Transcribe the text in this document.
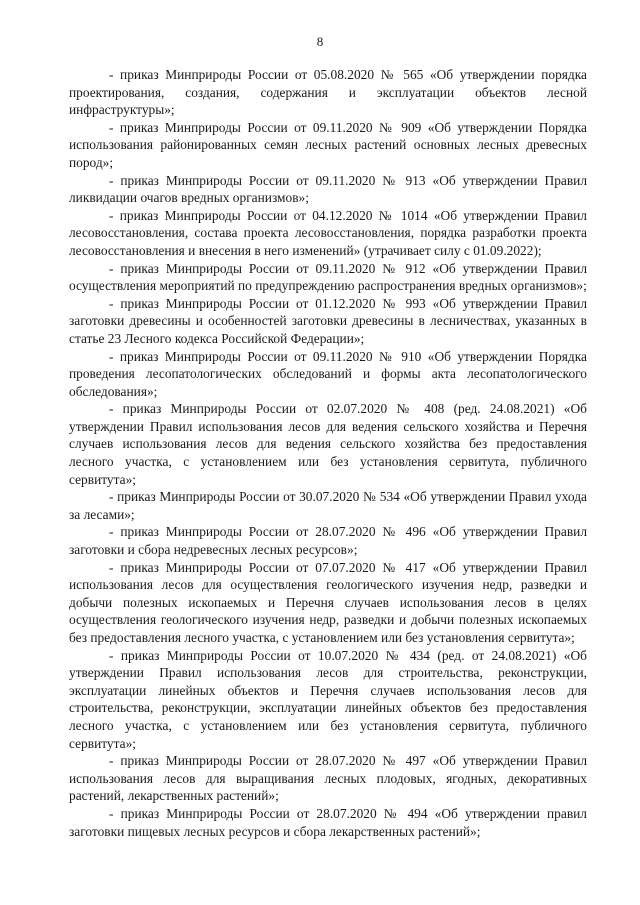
8

- приказ Минприроды России от 05.08.2020 № 565 «Об утверждении порядка проектирования, создания, содержания и эксплуатации объектов лесной инфраструктуры»;

- приказ Минприроды России от 09.11.2020 № 909 «Об утверждении Порядка использования районированных семян лесных растений основных лесных древесных пород»;

- приказ Минприроды России от 09.11.2020 № 913 «Об утверждении Правил ликвидации очагов вредных организмов»;

- приказ Минприроды России от 04.12.2020 № 1014 «Об утверждении Правил лесовосстановления, состава проекта лесовосстановления, порядка разработки проекта лесовосстановления и внесения в него изменений» (утрачивает силу с 01.09.2022);

- приказ Минприроды России от 09.11.2020 № 912 «Об утверждении Правил осуществления мероприятий по предупреждению распространения вредных организмов»;

- приказ Минприроды России от 01.12.2020 № 993 «Об утверждении Правил заготовки древесины и особенностей заготовки древесины в лесничествах, указанных в статье 23 Лесного кодекса Российской Федерации»;

- приказ Минприроды России от 09.11.2020 № 910 «Об утверждении Порядка проведения лесопатологических обследований и формы акта лесопатологического обследования»;

- приказ Минприроды России от 02.07.2020 № 408 (ред. 24.08.2021) «Об утверждении Правил использования лесов для ведения сельского хозяйства и Перечня случаев использования лесов для ведения сельского хозяйства без предоставления лесного участка, с установлением или без установления сервитута, публичного сервитута»;

- приказ Минприроды России от 30.07.2020 № 534 «Об утверждении Правил ухода за лесами»;

- приказ Минприроды России от 28.07.2020 № 496 «Об утверждении Правил заготовки и сбора недревесных лесных ресурсов»;

- приказ Минприроды России от 07.07.2020 № 417 «Об утверждении Правил использования лесов для осуществления геологического изучения недр, разведки и добычи полезных ископаемых и Перечня случаев использования лесов в целях осуществления геологического изучения недр, разведки и добычи полезных ископаемых без предоставления лесного участка, с установлением или без установления сервитута»;

- приказ Минприроды России от 10.07.2020 № 434 (ред. от 24.08.2021) «Об утверждении Правил использования лесов для строительства, реконструкции, эксплуатации линейных объектов и Перечня случаев использования лесов для строительства, реконструкции, эксплуатации линейных объектов без предоставления лесного участка, с установлением или без установления сервитута, публичного сервитута»;

- приказ Минприроды России от 28.07.2020 № 497 «Об утверждении Правил использования лесов для выращивания лесных плодовых, ягодных, декоративных растений, лекарственных растений»;

- приказ Минприроды России от 28.07.2020 № 494 «Об утверждении правил заготовки пищевых лесных ресурсов и сбора лекарственных растений»;
